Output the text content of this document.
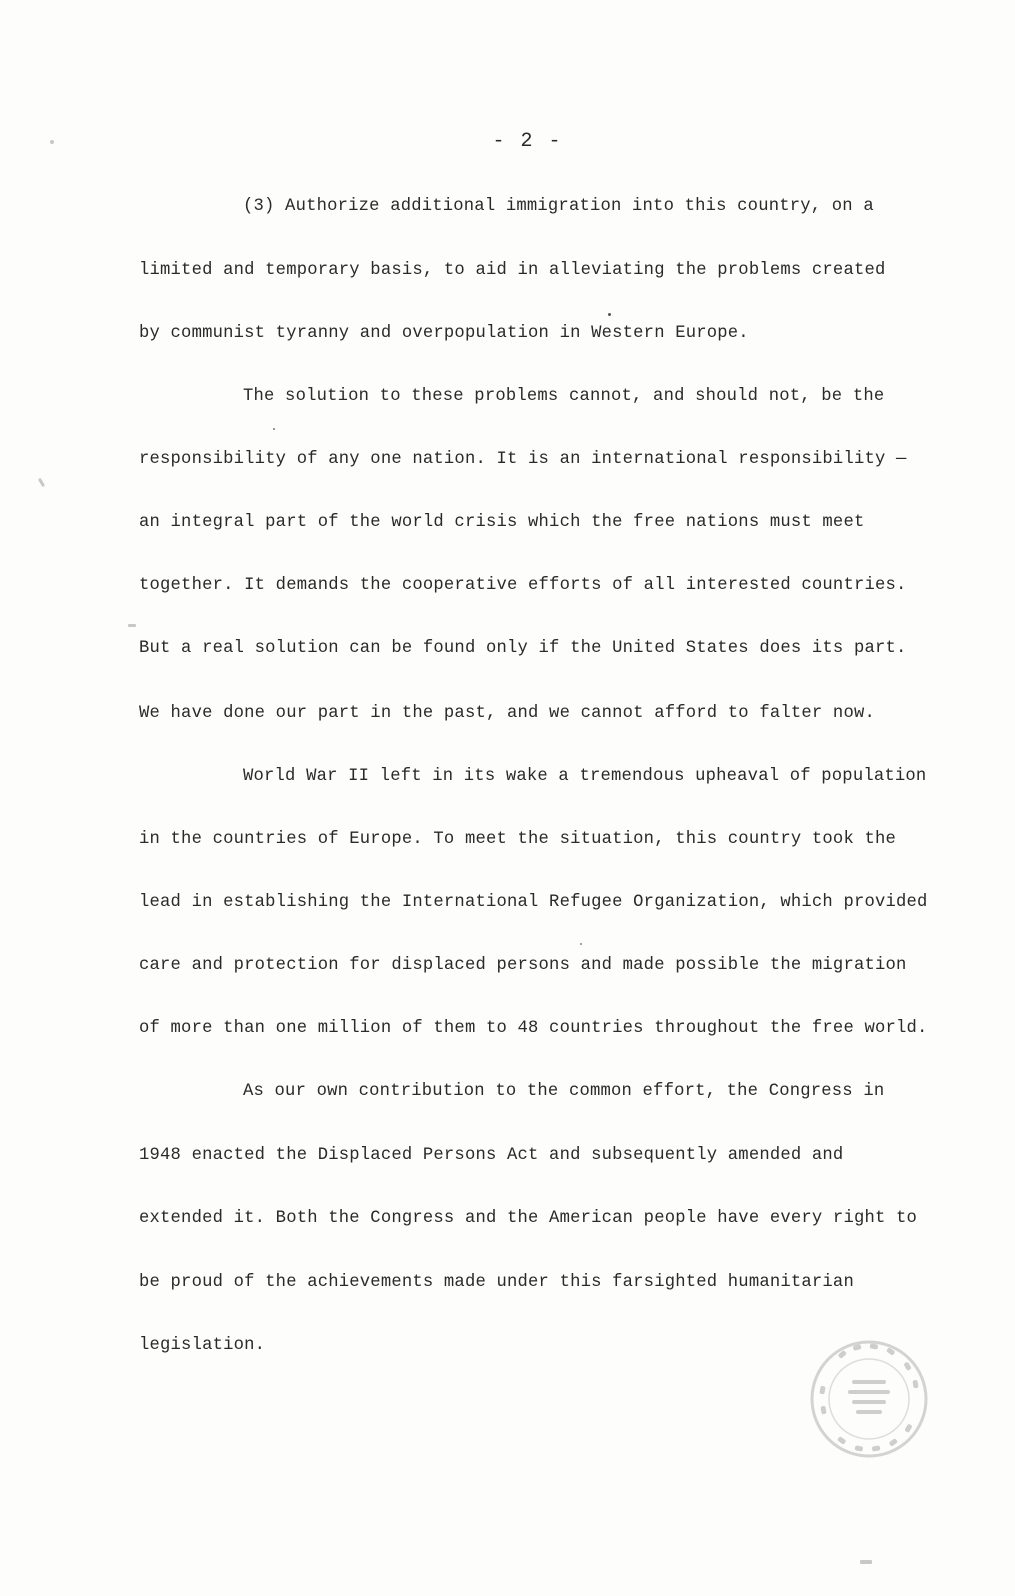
- 2 -
(3) Authorize additional immigration into this country, on a
limited and temporary basis, to aid in alleviating the problems created
by communist tyranny and overpopulation in Western Europe.
The solution to these problems cannot, and should not, be the
responsibility of any one nation. It is an international responsibility —
an integral part of the world crisis which the free nations must meet
together. It demands the cooperative efforts of all interested countries.
But a real solution can be found only if the United States does its part.
We have done our part in the past, and we cannot afford to falter now.
World War II left in its wake a tremendous upheaval of population
in the countries of Europe. To meet the situation, this country took the
lead in establishing the International Refugee Organization, which provided
care and protection for displaced persons and made possible the migration
of more than one million of them to 48 countries throughout the free world.
As our own contribution to the common effort, the Congress in
1948 enacted the Displaced Persons Act and subsequently amended and
extended it. Both the Congress and the American people have every right to
be proud of the achievements made under this farsighted humanitarian
legislation.
